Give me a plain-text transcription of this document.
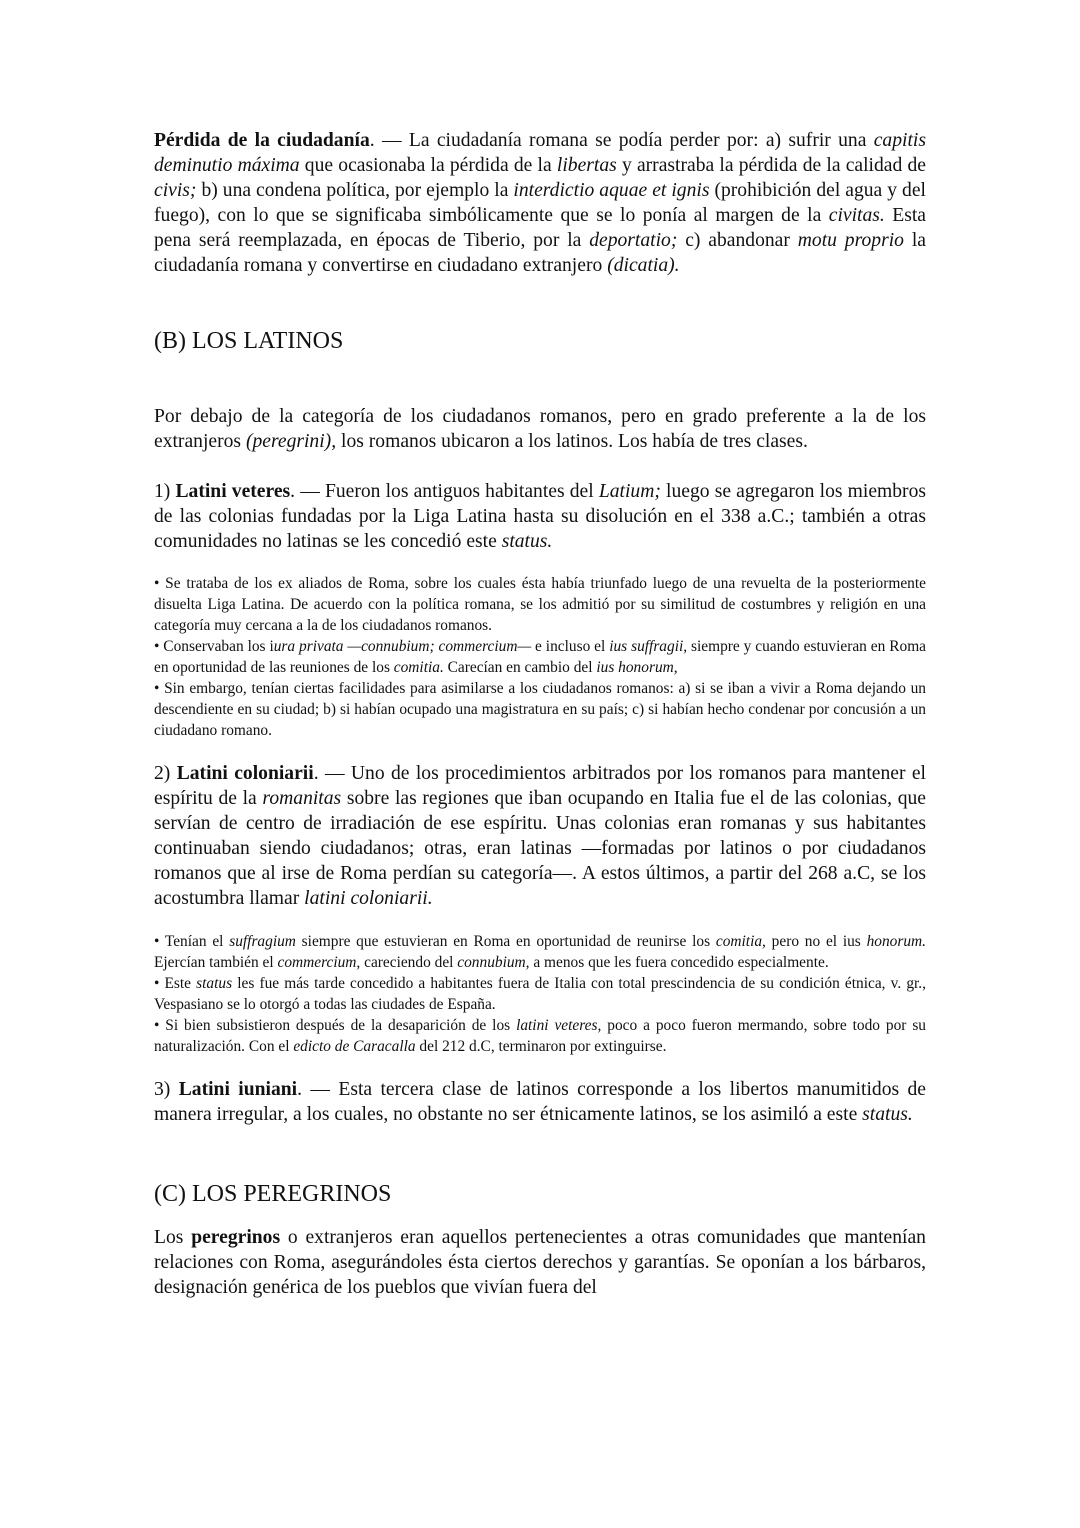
Pérdida de la ciudadanía. — La ciudadanía romana se podía perder por: a) sufrir una capitis deminutio máxima que ocasionaba la pérdida de la libertas y arrastraba la pérdida de la calidad de civis; b) una condena política, por ejemplo la interdictio aquae et ignis (prohibición del agua y del fuego), con lo que se significaba simbólicamente que se lo ponía al margen de la civitas. Esta pena será reemplazada, en épocas de Tiberio, por la deportatio; c) abandonar motu proprio la ciudadanía romana y convertirse en ciudadano extranjero (dicatia).

(B) LOS LATINOS

Por debajo de la categoría de los ciudadanos romanos, pero en grado preferente a la de los extranjeros (peregrini), los romanos ubicaron a los latinos. Los había de tres clases.

1) Latini veteres. — Fueron los antiguos habitantes del Latium; luego se agregaron los miembros de las colonias fundadas por la Liga Latina hasta su disolución en el 338 a.C.; también a otras comunidades no latinas se les concedió este status.

• Se trataba de los ex aliados de Roma, sobre los cuales ésta había triunfado luego de una revuelta de la posteriormente disuelta Liga Latina. De acuerdo con la política romana, se los admitió por su similitud de costumbres y religión en una categoría muy cercana a la de los ciudadanos romanos.

• Conservaban los iura privata —connubium; commercium— e incluso el ius suffragii, siempre y cuando estuvieran en Roma en oportunidad de las reuniones de los comitia. Carecían en cambio del ius honorum,

• Sin embargo, tenían ciertas facilidades para asimilarse a los ciudadanos romanos: a) si se iban a vivir a Roma dejando un descendiente en su ciudad; b) si habían ocupado una magistratura en su país; c) si habían hecho condenar por concusión a un ciudadano romano.

2) Latini coloniarii. — Uno de los procedimientos arbitrados por los romanos para mantener el espíritu de la romanitas sobre las regiones que iban ocupando en Italia fue el de las colonias, que servían de centro de irradiación de ese espíritu. Unas colonias eran romanas y sus habitantes continuaban siendo ciudadanos; otras, eran latinas —formadas por latinos o por ciudadanos romanos que al irse de Roma perdían su categoría—. A estos últimos, a partir del 268 a.C, se los acostumbra llamar latini coloniarii.

• Tenían el suffragium siempre que estuvieran en Roma en oportunidad de reunirse los comitia, pero no el ius honorum. Ejercían también el commercium, careciendo del connubium, a menos que les fuera concedido especialmente.

• Este status les fue más tarde concedido a habitantes fuera de Italia con total prescindencia de su condición étnica, v. gr., Vespasiano se lo otorgó a todas las ciudades de España.

• Si bien subsistieron después de la desaparición de los latini veteres, poco a poco fueron mermando, sobre todo por su naturalización. Con el edicto de Caracalla del 212 d.C, terminaron por extinguirse.

3) Latini iuniani. — Esta tercera clase de latinos corresponde a los libertos manumitidos de manera irregular, a los cuales, no obstante no ser étnicamente latinos, se los asimiló a este status.

(C) LOS PEREGRINOS

Los peregrinos o extranjeros eran aquellos pertenecientes a otras comunidades que mantenían relaciones con Roma, asegurándoles ésta ciertos derechos y garantías. Se oponían a los bárbaros, designación genérica de los pueblos que vivían fuera del
